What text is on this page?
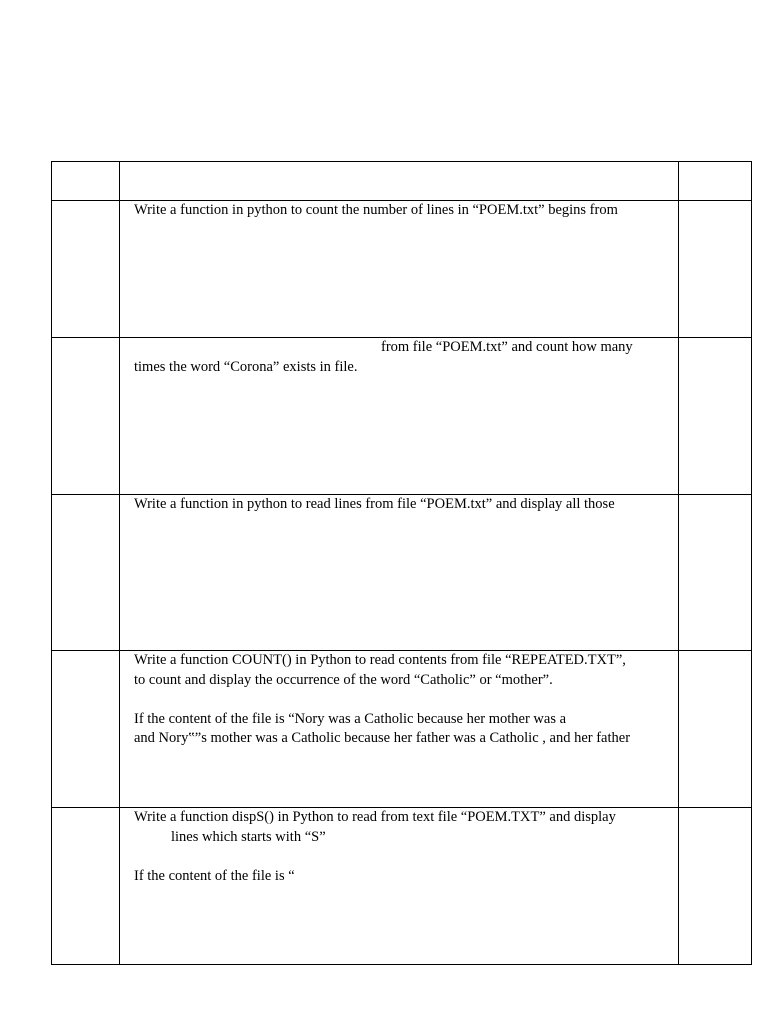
	Write a function in python to count the number of lines in “POEM.txt” begins from	

	from file “POEM.txt” and count how many
times the word “Corona” exists in file.	

	Write a function in python to read lines from file “POEM.txt” and display all those	

	Write a function COUNT() in Python to read contents from file “REPEATED.TXT”,
to count and display the occurrence of the word “Catholic” or “mother”.
If the content of the file is “Nory was a Catholic because her mother was a
and Nory‟”s mother was a Catholic because her father was a Catholic , and her father	

	Write a function dispS() in Python to read from text file “POEM.TXT” and display
lines which starts with “S”
If the content of the file is “	
